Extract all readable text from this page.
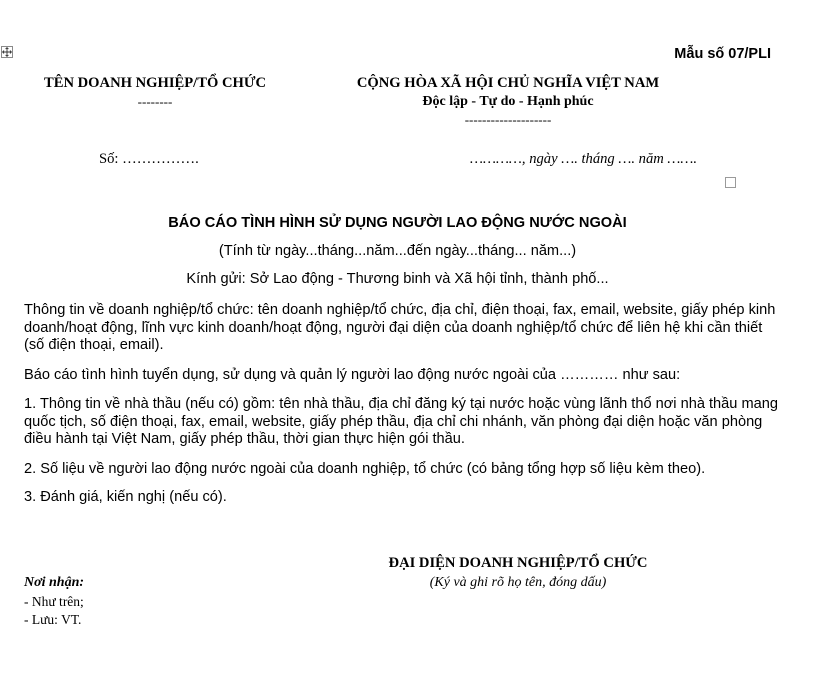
Mẫu số 07/PLI
TÊN DOANH NGHIỆP/TỔ CHỨC
--------
Số: …………….
CỘNG HÒA XÃ HỘI CHỦ NGHĨA VIỆT NAM
Độc lập - Tự do - Hạnh phúc
--------------------
…………, ngày …. tháng …. năm …….
BÁO CÁO TÌNH HÌNH SỬ DỤNG NGƯỜI LAO ĐỘNG NƯỚC NGOÀI
(Tính từ ngày...tháng...năm...đến ngày...tháng... năm...)
Kính gửi: Sở Lao động - Thương binh và Xã hội tỉnh, thành phố...
Thông tin về doanh nghiệp/tổ chức: tên doanh nghiệp/tổ chức, địa chỉ, điện thoại, fax, email, website, giấy phép kinh doanh/hoạt động, lĩnh vực kinh doanh/hoạt động, người đại diện của doanh nghiệp/tổ chức để liên hệ khi cần thiết (số điện thoại, email).
Báo cáo tình hình tuyển dụng, sử dụng và quản lý người lao động nước ngoài của ………… như sau:
1. Thông tin về nhà thầu (nếu có) gồm: tên nhà thầu, địa chỉ đăng ký tại nước hoặc vùng lãnh thổ nơi nhà thầu mang quốc tịch, số điện thoại, fax, email, website, giấy phép thầu, địa chỉ chi nhánh, văn phòng đại diện hoặc văn phòng điều hành tại Việt Nam, giấy phép thầu, thời gian thực hiện gói thầu.
2. Số liệu về người lao động nước ngoài của doanh nghiệp, tổ chức (có bảng tổng hợp số liệu kèm theo).
3. Đánh giá, kiến nghị (nếu có).
ĐẠI DIỆN DOANH NGHIỆP/TỔ CHỨC
(Ký và ghi rõ họ tên, đóng dấu)
Nơi nhận:
- Như trên;
- Lưu: VT.
